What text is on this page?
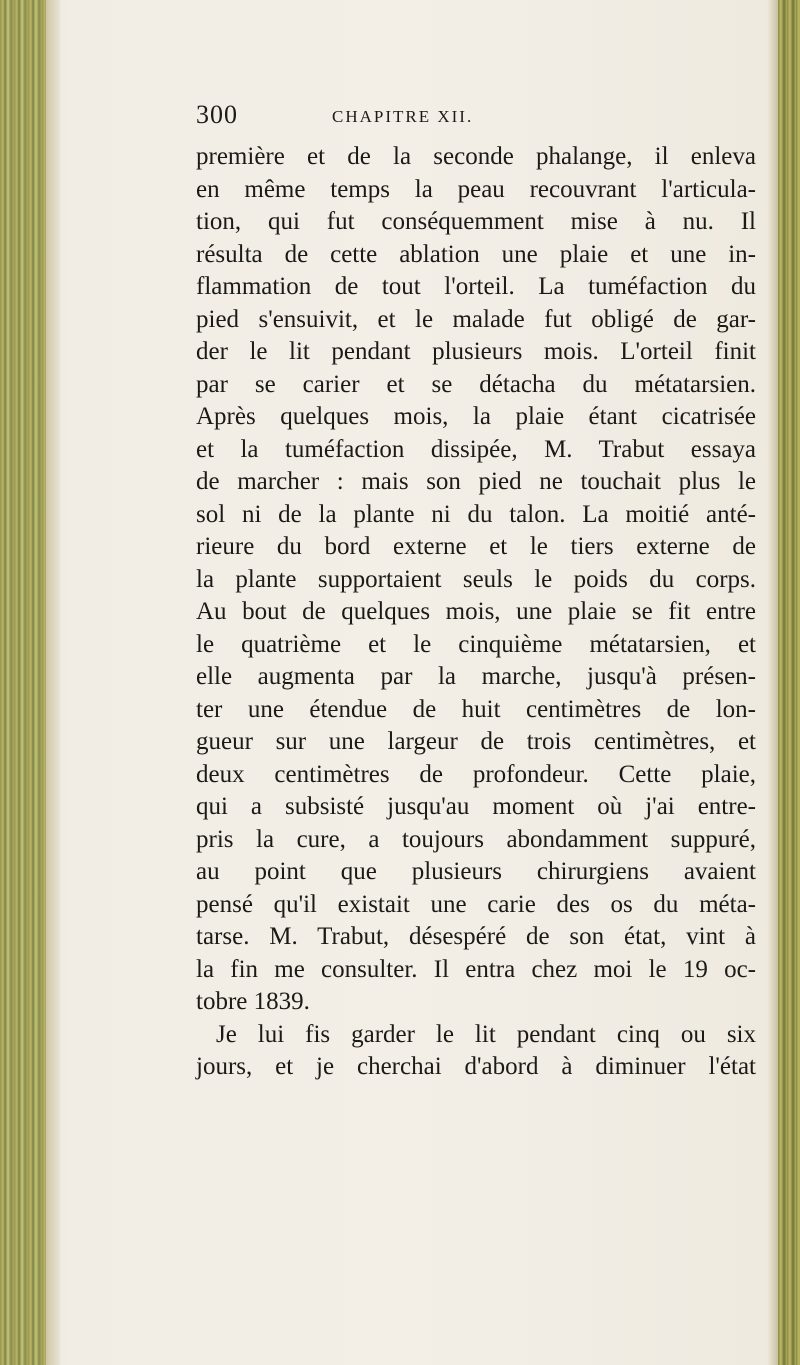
300	CHAPITRE XII.
première et de la seconde phalange, il enleva
en même temps la peau recouvrant l'articula-
tion, qui fut conséquemment mise à nu. Il
résulta de cette ablation une plaie et une in-
flammation de tout l'orteil. La tuméfaction du
pied s'ensuivit, et le malade fut obligé de gar-
der le lit pendant plusieurs mois. L'orteil finit
par se carier et se détacha du métatarsien.
Après quelques mois, la plaie étant cicatrisée
et la tuméfaction dissipée, M. Trabut essaya
de marcher : mais son pied ne touchait plus le
sol ni de la plante ni du talon. La moitié anté-
rieure du bord externe et le tiers externe de
la plante supportaient seuls le poids du corps.
Au bout de quelques mois, une plaie se fit entre
le quatrième et le cinquième métatarsien, et
elle augmenta par la marche, jusqu'à présen-
ter une étendue de huit centimètres de lon-
gueur sur une largeur de trois centimètres, et
deux centimètres de profondeur. Cette plaie,
qui a subsisté jusqu'au moment où j'ai entre-
pris la cure, a toujours abondamment suppuré,
au point que plusieurs chirurgiens avaient
pensé qu'il existait une carie des os du méta-
tarse. M. Trabut, désespéré de son état, vint à
la fin me consulter. Il entra chez moi le 19 oc-
tobre 1839.
Je lui fis garder le lit pendant cinq ou six
jours, et je cherchai d'abord à diminuer l'état
